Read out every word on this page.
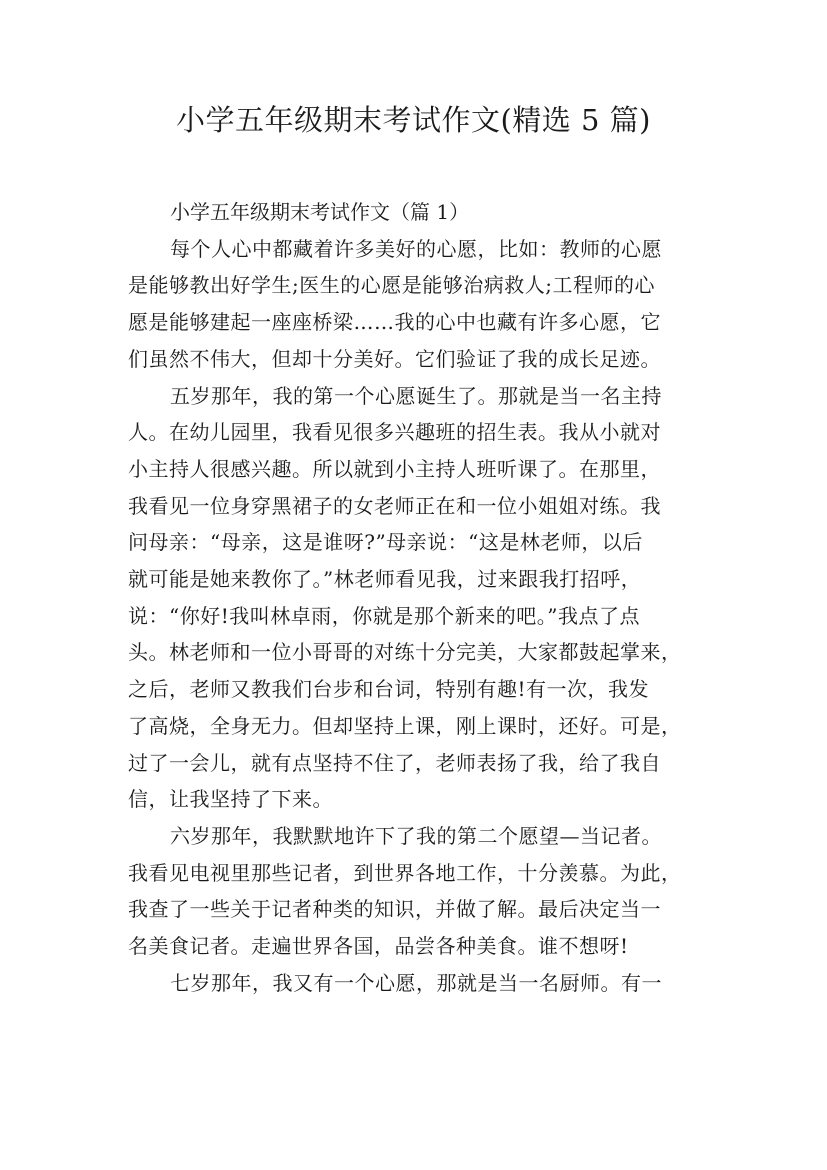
小学五年级期末考试作文(精选 5 篇)

小学五年级期末考试作文（篇 1）

每个人心中都藏着许多美好的心愿，比如：教师的心愿
是能够教出好学生;医生的心愿是能够治病救人;工程师的心
愿是能够建起一座座桥梁……我的心中也藏有许多心愿，它
们虽然不伟大，但却十分美好。它们验证了我的成长足迹。
五岁那年，我的第一个心愿诞生了。那就是当一名主持
人。在幼儿园里，我看见很多兴趣班的招生表。我从小就对
小主持人很感兴趣。所以就到小主持人班听课了。在那里，
我看见一位身穿黑裙子的女老师正在和一位小姐姐对练。我
问母亲：“母亲，这是谁呀?”母亲说：“这是林老师，以后
就可能是她来教你了。”林老师看见我，过来跟我打招呼，
说：“你好!我叫林卓雨，你就是那个新来的吧。”我点了点
头。林老师和一位小哥哥的对练十分完美，大家都鼓起掌来，
之后，老师又教我们台步和台词，特别有趣!有一次，我发
了高烧，全身无力。但却坚持上课，刚上课时，还好。可是，
过了一会儿，就有点坚持不住了，老师表扬了我，给了我自
信，让我坚持了下来。
六岁那年，我默默地许下了我的第二个愿望—当记者。
我看见电视里那些记者，到世界各地工作，十分羡慕。为此，
我查了一些关于记者种类的知识，并做了解。最后决定当一
名美食记者。走遍世界各国，品尝各种美食。谁不想呀!
七岁那年，我又有一个心愿，那就是当一名厨师。有一
